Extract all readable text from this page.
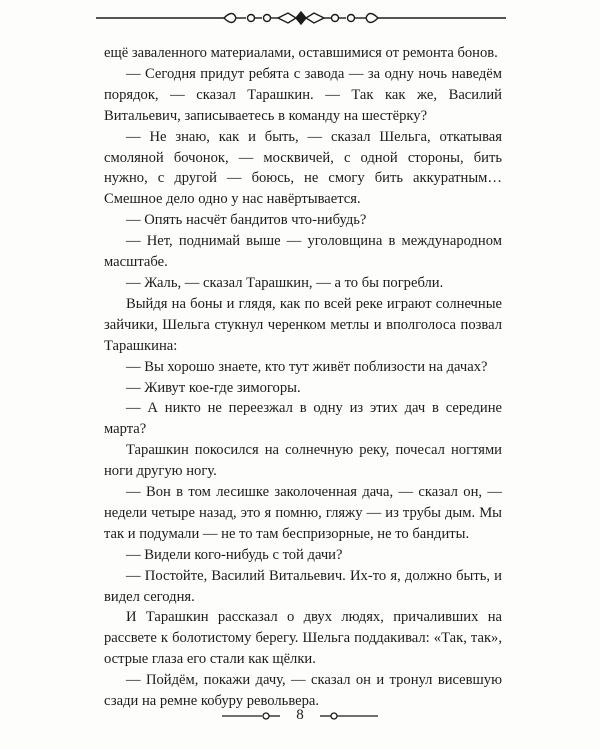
ещё заваленного материалами, оставшимися от ремонта бонов.

— Сегодня придут ребята с завода — за одну ночь наведём порядок, — сказал Тарашкин. — Так как же, Василий Витальевич, записываетесь в команду на шестёрку?

— Не знаю, как и быть, — сказал Шельга, откатывая смоляной бочонок, — москвичей, с одной стороны, бить нужно, с другой — боюсь, не смогу бить аккуратным… Смешное дело одно у нас навёртывается.

— Опять насчёт бандитов что-нибудь?

— Нет, поднимай выше — уголовщина в международном масштабе.

— Жаль, — сказал Тарашкин, — а то бы погребли.

Выйдя на боны и глядя, как по всей реке играют солнечные зайчики, Шельга стукнул черенком метлы и вполголоса позвал Тарашкина:

— Вы хорошо знаете, кто тут живёт поблизости на дачах?

— Живут кое-где зимогоры.

— А никто не переезжал в одну из этих дач в середине марта?

Тарашкин покосился на солнечную реку, почесал ногтями ноги другую ногу.

— Вон в том лесишке заколоченная дача, — сказал он, — недели четыре назад, это я помню, гляжу — из трубы дым. Мы так и подумали — не то там беспризорные, не то бандиты.

— Видели кого-нибудь с той дачи?

— Постойте, Василий Витальевич. Их-то я, должно быть, и видел сегодня.

И Тарашкин рассказал о двух людях, причаливших на рассвете к болотистому берегу. Шельга поддакивал: «Так, так», острые глаза его стали как щёлки.

— Пойдём, покажи дачу, — сказал он и тронул висевшую сзади на ремне кобуру револьвера.

8
